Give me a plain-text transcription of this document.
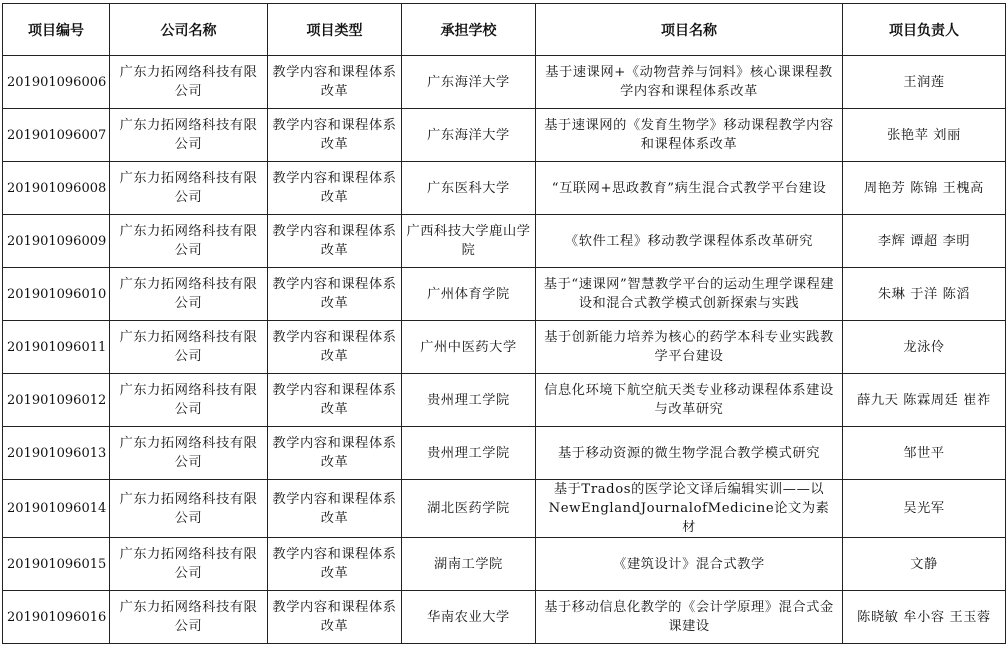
项目编号	公司名称	项目类型	承担学校	项目名称	项目负责人
201901096006	广东力拓网络科技有限公司	教学内容和课程体系改革	广东海洋大学	基于速课网+《动物营养与饲料》核心课课程教学内容和课程体系改革	王润莲
201901096007	广东力拓网络科技有限公司	教学内容和课程体系改革	广东海洋大学	基于速课网的《发育生物学》移动课程教学内容和课程体系改革	张艳苹 刘丽
201901096008	广东力拓网络科技有限公司	教学内容和课程体系改革	广东医科大学	“互联网+思政教育”病生混合式教学平台建设	周艳芳 陈锦 王槐高
201901096009	广东力拓网络科技有限公司	教学内容和课程体系改革	广西科技大学鹿山学院	《软件工程》移动教学课程体系改革研究	李辉 谭超 李明
201901096010	广东力拓网络科技有限公司	教学内容和课程体系改革	广州体育学院	基于“速课网”智慧教学平台的运动生理学课程建设和混合式教学模式创新探索与实践	朱琳 于洋 陈滔
201901096011	广东力拓网络科技有限公司	教学内容和课程体系改革	广州中医药大学	基于创新能力培养为核心的药学本科专业实践教学平台建设	龙泳伶
201901096012	广东力拓网络科技有限公司	教学内容和课程体系改革	贵州理工学院	信息化环境下航空航天类专业移动课程体系建设与改革研究	薛九天 陈霖周廷 崔祚
201901096013	广东力拓网络科技有限公司	教学内容和课程体系改革	贵州理工学院	基于移动资源的微生物学混合教学模式研究	邹世平
201901096014	广东力拓网络科技有限公司	教学内容和课程体系改革	湖北医药学院	基于Trados的医学论文译后编辑实训——以NewEnglandJournalofMedicine论文为素材	吴光军
201901096015	广东力拓网络科技有限公司	教学内容和课程体系改革	湖南工学院	《建筑设计》混合式教学	文静
201901096016	广东力拓网络科技有限公司	教学内容和课程体系改革	华南农业大学	基于移动信息化教学的《会计学原理》混合式金课建设	陈晓敏 牟小容 王玉蓉
